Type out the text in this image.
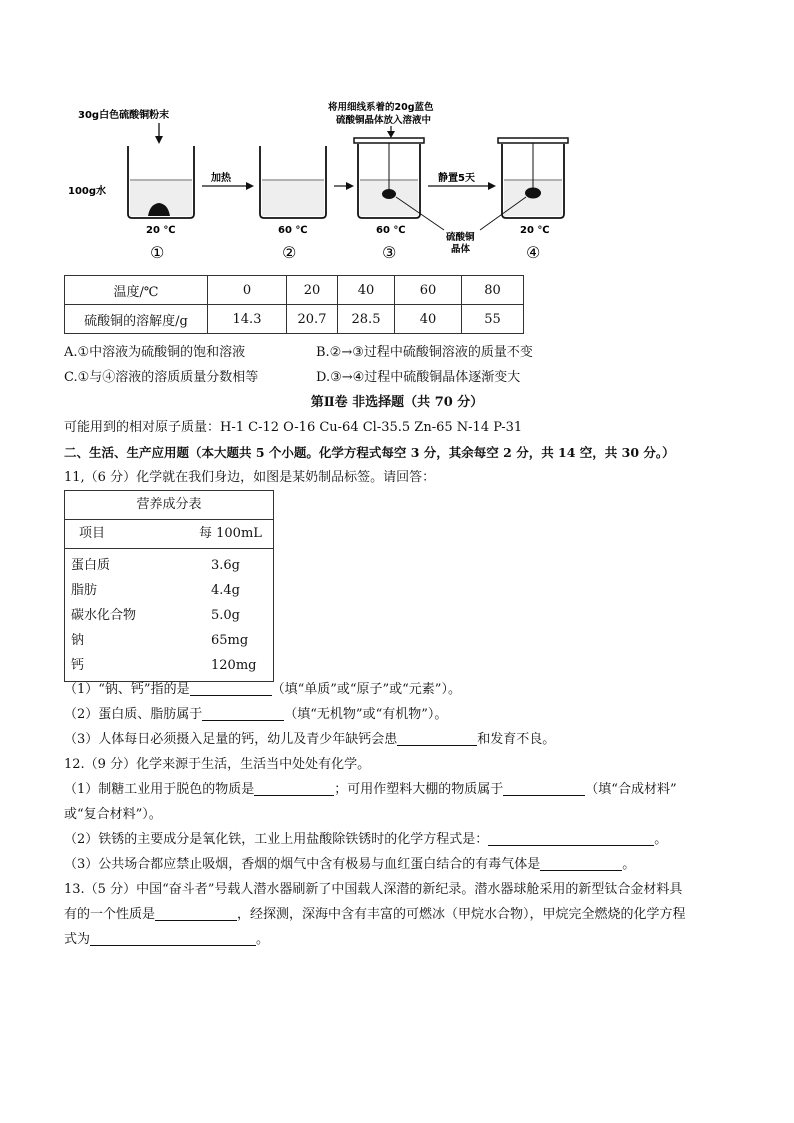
30g白色硫酸铜粉末
100g水
20 ℃
①
加热
60 ℃
②
将用细线系着的20g蓝色
硫酸铜晶体放入溶液中
60 ℃
③
静置5天
20 ℃
④
硫酸铜
晶体
温度/℃	0	20	40	60	80
硫酸铜的溶解度/g	14.3	20.7	28.5	40	55
A.①中溶液为硫酸铜的饱和溶液	B.②→③过程中硫酸铜溶液的质量不变
C.①与④溶液的溶质质量分数相等	D.③→④过程中硫酸铜晶体逐渐变大
第Ⅱ卷 非选择题（共 70 分）
可能用到的相对原子质量：H-1 C-12 O-16 Cu-64 Cl-35.5 Zn-65 N-14 P-31
二、生活、生产应用题（本大题共 5 个小题。化学方程式每空 3 分，其余每空 2 分，共 14 空，共 30 分。）
11,（6 分）化学就在我们身边，如图是某奶制品标签。请回答：
营养成分表
项目	每 100mL
蛋白质	3.6g
脂肪	4.4g
碳水化合物	5.0g
钠	65mg
钙	120mg
（1）“钠、钙”指的是	（填“单质”或“原子”或“元素”）。
（2）蛋白质、脂肪属于	（填“无机物”或“有机物”）。
（3）人体每日必须摄入足量的钙，幼儿及青少年缺钙会患	和发育不良。
12.（9 分）化学来源于生活，生活当中处处有化学。
（1）制糖工业用于脱色的物质是	；可用作塑料大棚的物质属于	（填“合成材料”
或“复合材料”）。
（2）铁锈的主要成分是氧化铁，工业上用盐酸除铁锈时的化学方程式是：	。
（3）公共场合都应禁止吸烟，香烟的烟气中含有极易与血红蛋白结合的有毒气体是	。
13.（5 分）中国“奋斗者”号载人潜水器刷新了中国载人深潜的新纪录。潜水器球舱采用的新型钛合金材料具
有的一个性质是	，经探测，深海中含有丰富的可燃冰（甲烷水合物），甲烷完全燃烧的化学方程
式为	。
